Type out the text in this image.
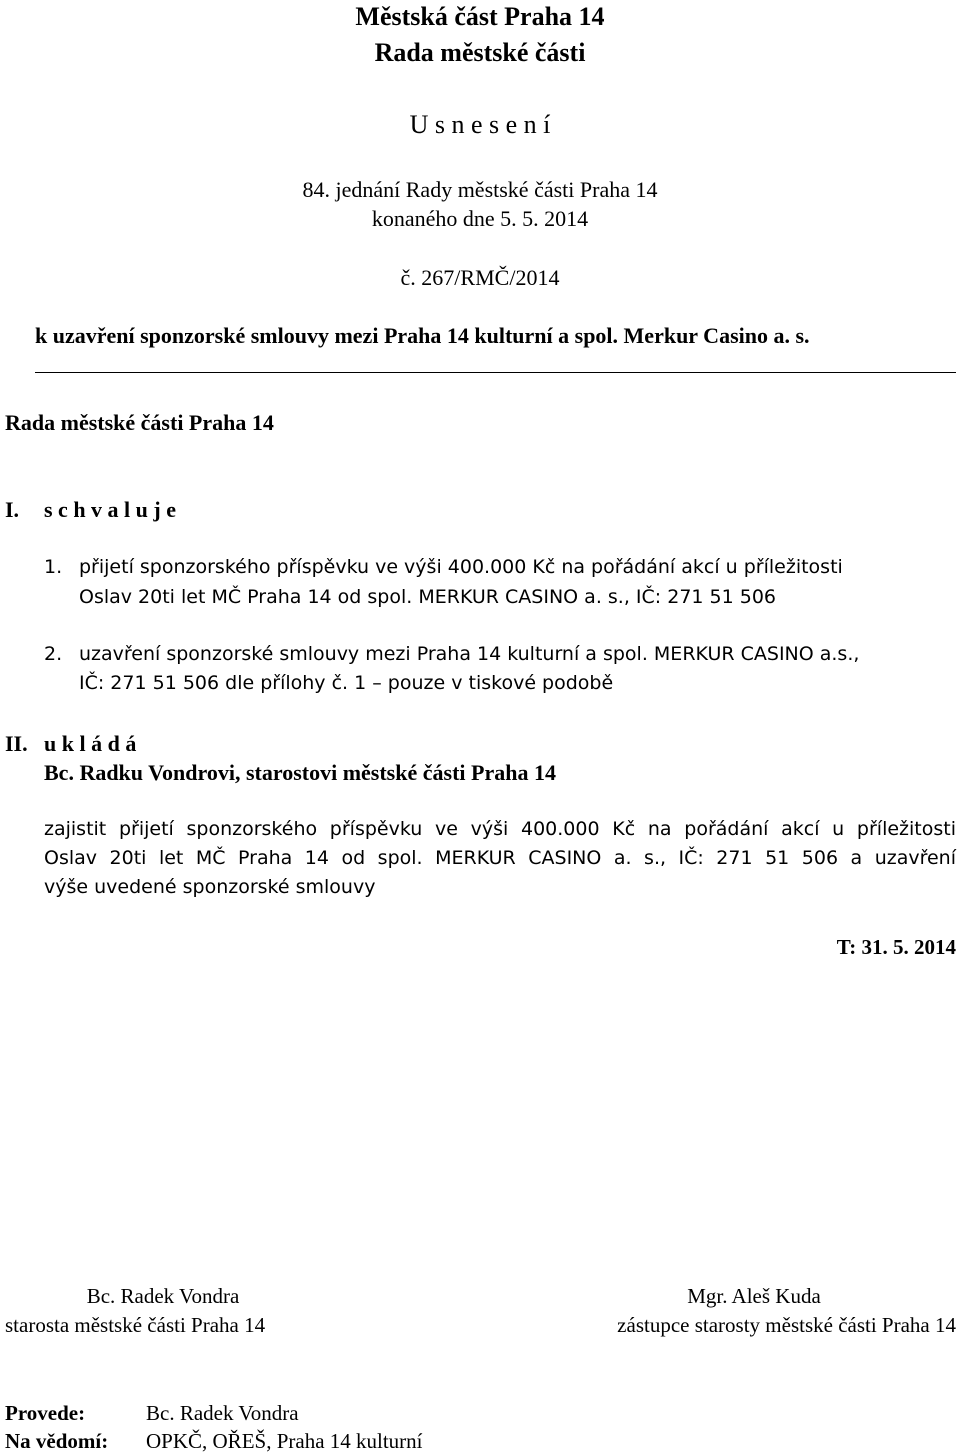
Městská část Praha 14
Rada městské části
U s n e s e n í
84. jednání Rady městské části Praha 14
konaného dne 5. 5. 2014
č. 267/RMČ/2014
k uzavření sponzorské smlouvy mezi Praha 14 kulturní a spol. Merkur Casino a. s.
Rada městské části Praha 14
I. s c h v a l u j e
1. přijetí sponzorského příspěvku ve výši 400.000 Kč na pořádání akcí u příležitosti
Oslav 20ti let MČ Praha 14 od spol. MERKUR CASINO a. s., IČ: 271 51 506
2. uzavření sponzorské smlouvy mezi Praha 14 kulturní a spol. MERKUR CASINO a.s.,
IČ: 271 51 506 dle přílohy č. 1 – pouze v tiskové podobě
II. u k l á d á
Bc. Radku Vondrovi, starostovi městské části Praha 14
zajistit přijetí sponzorského příspěvku ve výši 400.000 Kč na pořádání akcí u příležitosti
Oslav 20ti let MČ Praha 14 od spol. MERKUR CASINO a. s., IČ: 271 51 506 a uzavření
výše uvedené sponzorské smlouvy
T: 31. 5. 2014
Bc. Radek Vondra
starosta městské části Praha 14
Mgr. Aleš Kuda
zástupce starosty městské části Praha 14
Provede:	Bc. Radek Vondra
Na vědomí: OPKČ, OŘEŠ, Praha 14 kulturní
